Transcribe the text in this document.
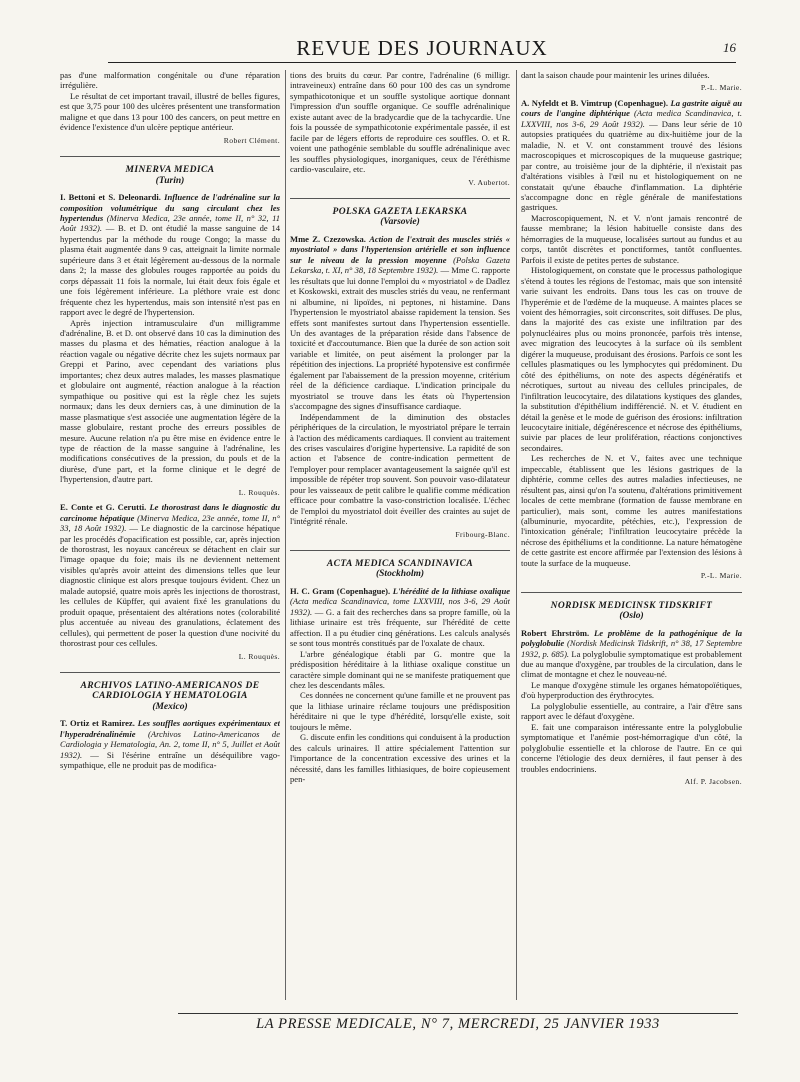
REVUE DES JOURNAUX	16

pas d'une malformation congénitale ou d'une réparation irrégulière.

Le résultat de cet important travail, illustré de belles figures, est que 3,75 pour 100 des ulcères présentent une transformation maligne et que dans 13 pour 100 des cancers, on peut mettre en évidence l'existence d'un ulcère peptique antérieur.

Robert Clément.
MINERVA MEDICA
(Turin)

I. Bettoni et S. Deleonardi. Influence de l'adrénaline sur la composition volumétrique du sang circulant chez les hypertendus (Minerva Medica, 23e année, tome II, n° 32, 11 Août 1932). — B. et D. ont étudié la masse sanguine de 14 hypertendus par la méthode du rouge Congo; la masse du plasma était augmentée dans 9 cas, atteignait la limite normale supérieure dans 3 et était légèrement au-dessous de la normale dans 2; la masse des globules rouges rapportée au poids du corps dépassait 11 fois la normale, lui était deux fois égale et une fois légèrement inférieure. La pléthore vraie est donc fréquente chez les hypertendus, mais son intensité n'est pas en rapport avec le degré de l'hypertension.

Après injection intramusculaire d'un milligramme d'adrénaline, B. et D. ont observé dans 10 cas la diminution des masses du plasma et des hématies, réaction analogue à la réaction vagale ou négative décrite chez les sujets normaux par Greppi et Parino, avec cependant des variations plus importantes; chez deux autres malades, les masses plasmatique et globulaire ont augmenté, réaction analogue à la réaction sympathique ou positive qui est la règle chez les sujets normaux; dans les deux derniers cas, à une diminution de la masse plasmatique s'est associée une augmentation légère de la masse globulaire, restant proche des erreurs possibles de mesure. Aucune relation n'a pu être mise en évidence entre le type de réaction de la masse sanguine à l'adrénaline, les modifications consécutives de la pression, du pouls et de la diurèse, d'une part, et la forme clinique et le degré de l'hypertension, d'autre part.

L. Rouquès.

E. Conte et G. Cerutti. Le thorostrast dans le diagnostic du carcinome hépatique (Minerva Medica, 23e année, tome II, n° 33, 18 Août 1932). — Le diagnostic de la carcinose hépatique par les procédés d'opacification est possible, car, après injection de thorostrast, les noyaux cancéreux se détachent en clair sur l'image opaque du foie; mais ils ne deviennent nettement visibles qu'après avoir atteint des dimensions telles que leur diagnostic clinique est alors presque toujours évident. Chez un malade autopsié, quatre mois après les injections de thorostrast, les cellules de Küpffer, qui avaient fixé les granulations du produit opaque, présentaient des altérations notes (colorabilité plus accentuée au niveau des granulations, éclatement des cellules), qui permettent de poser la question d'une nocivité du thorostrast pour ces cellules.

L. Rouquès.
ARCHIVOS LATINO-AMERICANOS DE CARDIOLOGIA Y HEMATOLOGIA
(Mexico)

T. Ortiz et Ramirez. Les souffles aortiques expérimentaux et l'hyperadrénalinémie (Archivos Latino-Americanos de Cardiologia y Hematologia, An. 2, tome II, n° 5, Juillet et Août 1932). — Si l'ésérine entraîne un déséquilibre vago-sympathique, elle ne produit pas de modifica-

tions des bruits du cœur. Par contre, l'adrénaline (6 milligr. intraveineux) entraîne dans 60 pour 100 des cas un syndrome sympathicotonique et un souffle systolique aortique donnant l'impression d'un souffle organique. Ce souffle adrénalinique existe autant avec de la bradycardie que de la tachycardie. Une fois la poussée de sympathicotonie expérimentale passée, il est facile par de légers efforts de reproduire ces souffles. O. et R. voient une pathogénie semblable du souffle adrénalinique avec les souffles physiologiques, inorganiques, ceux de l'éréthisme cardio-vasculaire, etc.

V. Aubertot.
POLSKA GAZETA LEKARSKA
(Varsovie)

Mme Z. Czezowska. Action de l'extrait des muscles striés « myostriatol » dans l'hypertension artérielle et son influence sur le niveau de la pression moyenne (Polska Gazeta Lekarska, t. XI, n° 38, 18 Septembre 1932). — Mme C. rapporte les résultats que lui donne l'emploi du « myostriatol » de Dadlez et Koskowski, extrait des muscles striés du veau, ne renfermant ni albumine, ni lipoïdes, ni peptones, ni histamine. Dans l'hypertension le myostriatol abaisse rapidement la tension. Ses effets sont manifestes surtout dans l'hypertension essentielle. Un des avantages de la préparation réside dans l'absence de toxicité et d'accoutumance. Bien que la durée de son action soit variable et limitée, on peut aisément la prolonger par la répétition des injections. La propriété hypotensive est confirmée également par l'abaissement de la pression moyenne, critérium réel de la déficience cardiaque. L'indication principale du myostriatol se trouve dans les états où l'hypertension s'accompagne des signes d'insuffisance cardiaque.

Indépendamment de la diminution des obstacles périphériques de la circulation, le myostriatol prépare le terrain à l'action des médicaments cardiaques. Il convient au traitement des crises vasculaires d'origine hypertensive. La rapidité de son action et l'absence de contre-indication permettent de l'employer pour remplacer avantageusement la saignée qu'il est impossible de répéter trop souvent. Son pouvoir vaso-dilatateur pour les vaisseaux de petit calibre le qualifie comme médication efficace pour combattre la vaso-constriction localisée. L'échec de l'emploi du myostriatol doit éveiller des craintes au sujet de l'intégrité rénale.

Fribourg-Blanc.
ACTA MEDICA SCANDINAVICA
(Stockholm)

H. C. Gram (Copenhague). L'hérédité de la lithiase oxalique (Acta medica Scandinavica, tome LXXVIII, nos 3-6, 29 Août 1932). — G. a fait des recherches dans sa propre famille, où la lithiase urinaire est très fréquente, sur l'hérédité de cette affection. Il a pu étudier cinq générations. Les calculs analysés se sont tous montrés constitués par de l'oxalate de chaux.

L'arbre généalogique établi par G. montre que la prédisposition héréditaire à la lithiase oxalique constitue un caractère simple dominant qui ne se manifeste pratiquement que chez les descendants mâles.

Ces données ne concernent qu'une famille et ne prouvent pas que la lithiase urinaire réclame toujours une prédisposition héréditaire ni que le type d'hérédité, lorsqu'elle existe, soit toujours le même.

G. discute enfin les conditions qui conduisent à la production des calculs urinaires. Il attire spécialement l'attention sur l'importance de la concentration excessive des urines et la nécessité, dans les familles lithiasiques, de boire copieusement pen-

dant la saison chaude pour maintenir les urines diluées.

P.-L. Marie.

A. Nyfeldt et B. Vimtrup (Copenhague). La gastrite aiguë au cours de l'angine diphtérique (Acta medica Scandinavica, t. LXXVIII, nos 3-6, 29 Août 1932). — Dans leur série de 10 autopsies pratiquées du quatrième au dix-huitième jour de la maladie, N. et V. ont constamment trouvé des lésions macroscopiques et microscopiques de la muqueuse gastrique; par contre, au troisième jour de la diphtérie, il n'existait pas d'altérations visibles à l'œil nu et histologiquement on ne constatait qu'une ébauche d'inflammation. La diphtérie s'accompagne donc en règle générale de manifestations gastriques.

Macroscopiquement, N. et V. n'ont jamais rencontré de fausse membrane; la lésion habituelle consiste dans des hémorragies de la muqueuse, localisées surtout au fundus et au corps, tantôt discrètes et ponctiformes, tantôt confluentes. Parfois il existe de petites pertes de substance.

Histologiquement, on constate que le processus pathologique s'étend à toutes les régions de l'estomac, mais que son intensité varie suivant les endroits. Dans tous les cas on trouve de l'hyperémie et de l'œdème de la muqueuse. A maintes places se voient des hémorragies, soit circonscrites, soit diffuses. De plus, dans la majorité des cas existe une infiltration par des polynucléaires plus ou moins prononcée, parfois très intense, avec migration des leucocytes à la surface où ils semblent digérer la muqueuse, produisant des érosions. Parfois ce sont les cellules plasmatiques ou les lymphocytes qui prédominent. Du côté des épithéliums, on note des aspects dégénératifs et nécrotiques, surtout au niveau des cellules principales, de l'infiltration leucocytaire, des dilatations kystiques des glandes, la substitution d'épithélium indifférencié. N. et V. étudient en détail la genèse et le mode de guérison des érosions: infiltration leucocytaire initiale, dégénérescence et nécrose des épithéliums, suivie par places de leur prolifération, réactions conjonctives secondaires.

Les recherches de N. et V., faites avec une technique impeccable, établissent que les lésions gastriques de la diphtérie, comme celles des autres maladies infectieuses, ne résultent pas, ainsi qu'on l'a soutenu, d'altérations primitivement locales de cette membrane (formation de fausse membrane en particulier), mais sont, comme les autres manifestations (albuminurie, myocardite, pétéchies, etc.), l'expression de l'intoxication générale; l'infiltration leucocytaire précède la nécrose des épithéliums et la conditionne. La nature hématogène de cette gastrite est encore affirmée par l'extension des lésions à toute la surface de la muqueuse.

P.-L. Marie.
NORDISK MEDICINSK TIDSKRIFT
(Oslo)

Robert Ehrström. Le problème de la pathogénique de la polyglobulie (Nordisk Medicinsk Tidskrift, n° 38, 17 Septembre 1932, p. 685). La polyglobulie symptomatique est probablement due au manque d'oxygène, par troubles de la circulation, dans le climat de montagne et chez le nouveau-né.

Le manque d'oxygène stimule les organes hématopoïétiques, d'où hyperproduction des érythrocytes.

La polyglobulie essentielle, au contraire, a l'air d'être sans rapport avec le défaut d'oxygène.

E. fait une comparaison intéressante entre la polyglobulie symptomatique et l'anémie post-hémorragique d'un côté, la polyglobulie essentielle et la chlorose de l'autre. En ce qui concerne l'étiologie des deux dernières, il faut penser à des troubles endocriniens.

Alf. P. Jacobsen.
LA PRESSE MEDICALE, N° 7, MERCREDI, 25 JANVIER 1933
